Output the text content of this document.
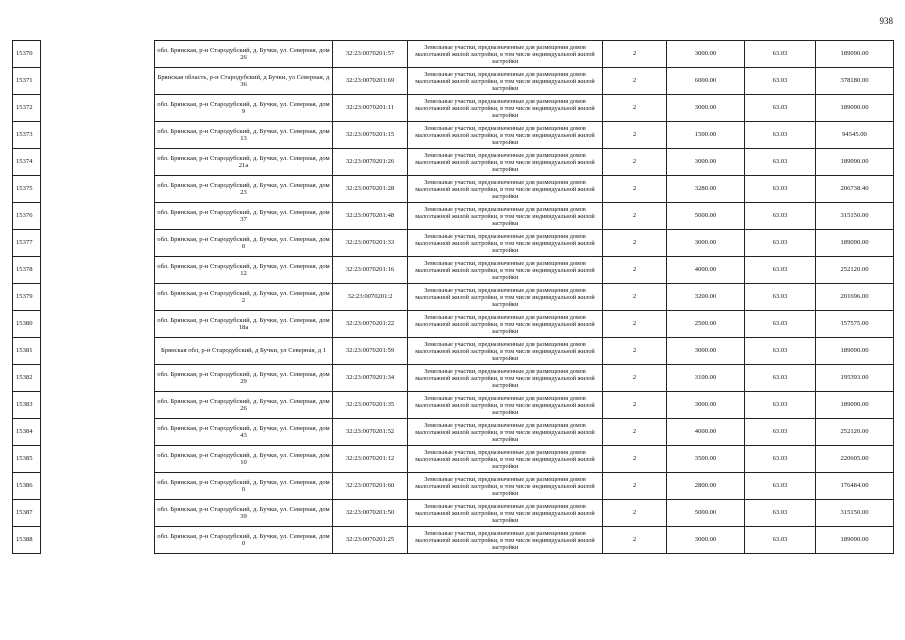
938
15370		обл. Брянская, р-н Стародубский, д. Бучки, ул. Северная, дом 26	32:23:0070201:57	Земельные участки, предназначенные для размещения домов малоэтажной жилой застройки, в том числе индивидуальной жилой застройки	2	3000.00	63.03	189090.00
15371		Брянская область, р-н Стародубский, д Бучки, ул Северная, д 36	32:23:0070201:69	Земельные участки, предназначенные для размещения домов малоэтажной жилой застройки, в том числе индивидуальной жилой застройки	2	6000.00	63.03	378180.00
15372		обл. Брянская, р-н Стародубский, д. Бучки, ул. Северная, дом 9	32:23:0070201:11	Земельные участки, предназначенные для размещения домов малоэтажной жилой застройки, в том числе индивидуальной жилой застройки	2	3000.00	63.03	189090.00
15373		обл. Брянская, р-н Стародубский, д. Бучки, ул. Северная, дом 13	32:23:0070201:15	Земельные участки, предназначенные для размещения домов малоэтажной жилой застройки, в том числе индивидуальной жилой застройки	2	1500.00	63.03	94545.00
15374		обл. Брянская, р-н Стародубский, д. Бучки, ул. Северная, дом 21а	32:23:0070201:26	Земельные участки, предназначенные для размещения домов малоэтажной жилой застройки, в том числе индивидуальной жилой застройки	2	3000.00	63.03	189090.00
15375		обл. Брянская, р-н Стародубский, д. Бучки, ул. Северная, дом 23	32:23:0070201:28	Земельные участки, предназначенные для размещения домов малоэтажной жилой застройки, в том числе индивидуальной жилой застройки	2	3280.00	63.03	206738.40
15376		обл. Брянская, р-н Стародубский, д. Бучки, ул. Северная, дом 37	32:23:0070201:48	Земельные участки, предназначенные для размещения домов малоэтажной жилой застройки, в том числе индивидуальной жилой застройки	2	5000.00	63.03	315150.00
15377		обл. Брянская, р-н Стародубский, д. Бучки, ул. Северная, дом 0	32:23:0070201:33	Земельные участки, предназначенные для размещения домов малоэтажной жилой застройки, в том числе индивидуальной жилой застройки	2	3000.00	63.03	189090.00
15378		обл. Брянская, р-н Стародубский, д. Бучки, ул. Северная, дом 12	32:23:0070201:16	Земельные участки, предназначенные для размещения домов малоэтажной жилой застройки, в том числе индивидуальной жилой застройки	2	4000.00	63.03	252120.00
15379		обл. Брянская, р-н Стародубский, д. Бучки, ул. Северная, дом 2	32:23:0070201:2	Земельные участки, предназначенные для размещения домов малоэтажной жилой застройки, в том числе индивидуальной жилой застройки	2	3200.00	63.03	201696.00
15380		обл. Брянская, р-н Стародубский, д. Бучки, ул. Северная, дом 18а	32:23:0070201:22	Земельные участки, предназначенные для размещения домов малоэтажной жилой застройки, в том числе индивидуальной жилой застройки	2	2500.00	63.03	157575.00
15381		Брянская обл, р-н Стародубский, д Бучки, ул Северная, д 1	32:23:0070201:59	Земельные участки, предназначенные для размещения домов малоэтажной жилой застройки, в том числе индивидуальной жилой застройки	2	3000.00	63.03	189090.00
15382		обл. Брянская, р-н Стародубский, д. Бучки, ул. Северная, дом 29	32:23:0070201:34	Земельные участки, предназначенные для размещения домов малоэтажной жилой застройки, в том числе индивидуальной жилой застройки	2	3100.00	63.03	195393.00
15383		обл. Брянская, р-н Стародубский, д. Бучки, ул. Северная, дом 26	32:23:0070201:35	Земельные участки, предназначенные для размещения домов малоэтажной жилой застройки, в том числе индивидуальной жилой застройки	2	3000.00	63.03	189090.00
15384		обл. Брянская, р-н Стародубский, д. Бучки, ул. Северная, дом 43	32:23:0070201:52	Земельные участки, предназначенные для размещения домов малоэтажной жилой застройки, в том числе индивидуальной жилой застройки	2	4000.00	63.03	252120.00
15385		обл. Брянская, р-н Стародубский, д. Бучки, ул. Северная, дом 10	32:23:0070201:12	Земельные участки, предназначенные для размещения домов малоэтажной жилой застройки, в том числе индивидуальной жилой застройки	2	3500.00	63.03	220605.00
15386		обл. Брянская, р-н Стародубский, д. Бучки, ул. Северная, дом 0	32:23:0070201:60	Земельные участки, предназначенные для размещения домов малоэтажной жилой застройки, в том числе индивидуальной жилой застройки	2	2800.00	63.03	176484.00
15387		обл. Брянская, р-н Стародубский, д. Бучки, ул. Северная, дом 39	32:23:0070201:50	Земельные участки, предназначенные для размещения домов малоэтажной жилой застройки, в том числе индивидуальной жилой застройки	2	5000.00	63.03	315150.00
15388		обл. Брянская, р-н Стародубский, д. Бучки, ул. Северная, дом 0	32:23:0070201:25	Земельные участки, предназначенные для размещения домов малоэтажной жилой застройки, в том числе индивидуальной жилой застройки	2	3000.00	63.03	189090.00
